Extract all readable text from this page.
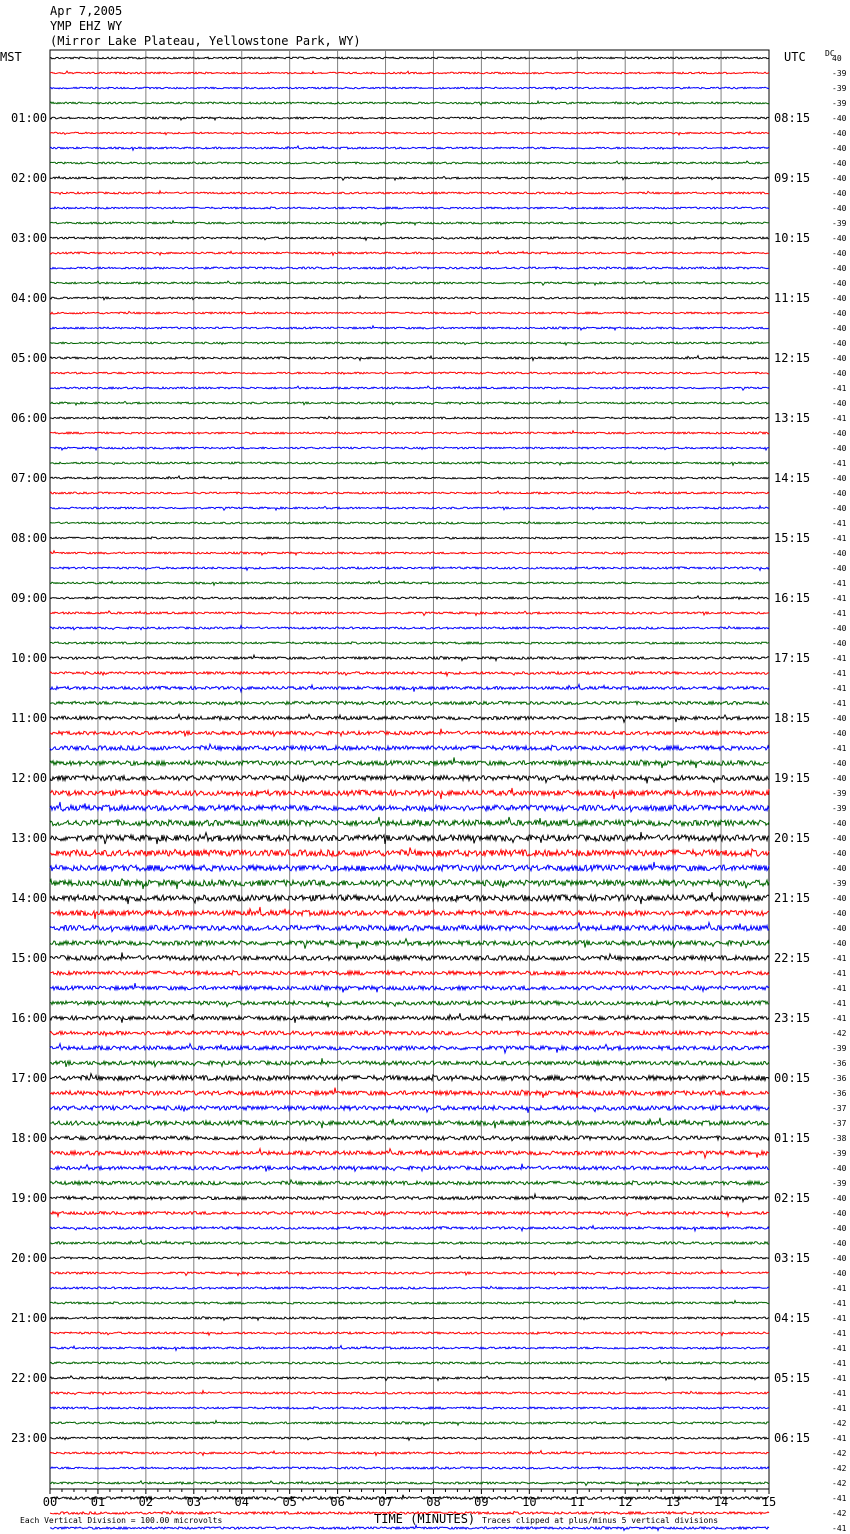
Apr 7,2005
YMP EHZ WY
(Mirror Lake Plateau, Yellowstone Park, WY)
MST	UTC DC
01:00
02:00
03:00
04:00
05:00
06:00
07:00
08:00
09:00
10:00
11:00
12:00
13:00
14:00
15:00
16:00
17:00
18:00
19:00
20:00
21:00
22:00
23:00
08:15
09:15
10:15
11:15
12:15
13:15
14:15
15:15
16:15
17:15
18:15
19:15
20:15
21:15
22:15
23:15
00:15
01:15
02:15
03:15
04:15
05:15
06:15
40
-39
-39
-39
-40
-40
-40
-40
-40
-40
-40
-39
-40
-40
-40
-40
-40
-40
-40
-40
-40
-40
-41
-40
-41
-40
-40
-41
-40
-40
-40
-41
-41
-40
-40
-41
-41
-41
-40
-40
-41
-41
-41
-41
-40
-40
-41
-40
-40
-39
-39
-40
-40
-40
-40
-39
-40
-40
-40
-40
-41
-41
-41
-41
-41
-42
-39
-36
-36
-36
-37
-37
-38
-39
-40
-39
-40
-40
-40
-40
-40
-40
-41
-41
-41
-41
-41
-41
-41
-41
-41
-42
-41
-42
-42
-42
-41
-42
-41
00	01	02	03	04	05	06	07	08	09	10	11	12	13	14	15
TIME (MINUTES)
Each Vertical Division = 100.00 microvolts	Traces clipped at plus/minus 5 vertical divisions
